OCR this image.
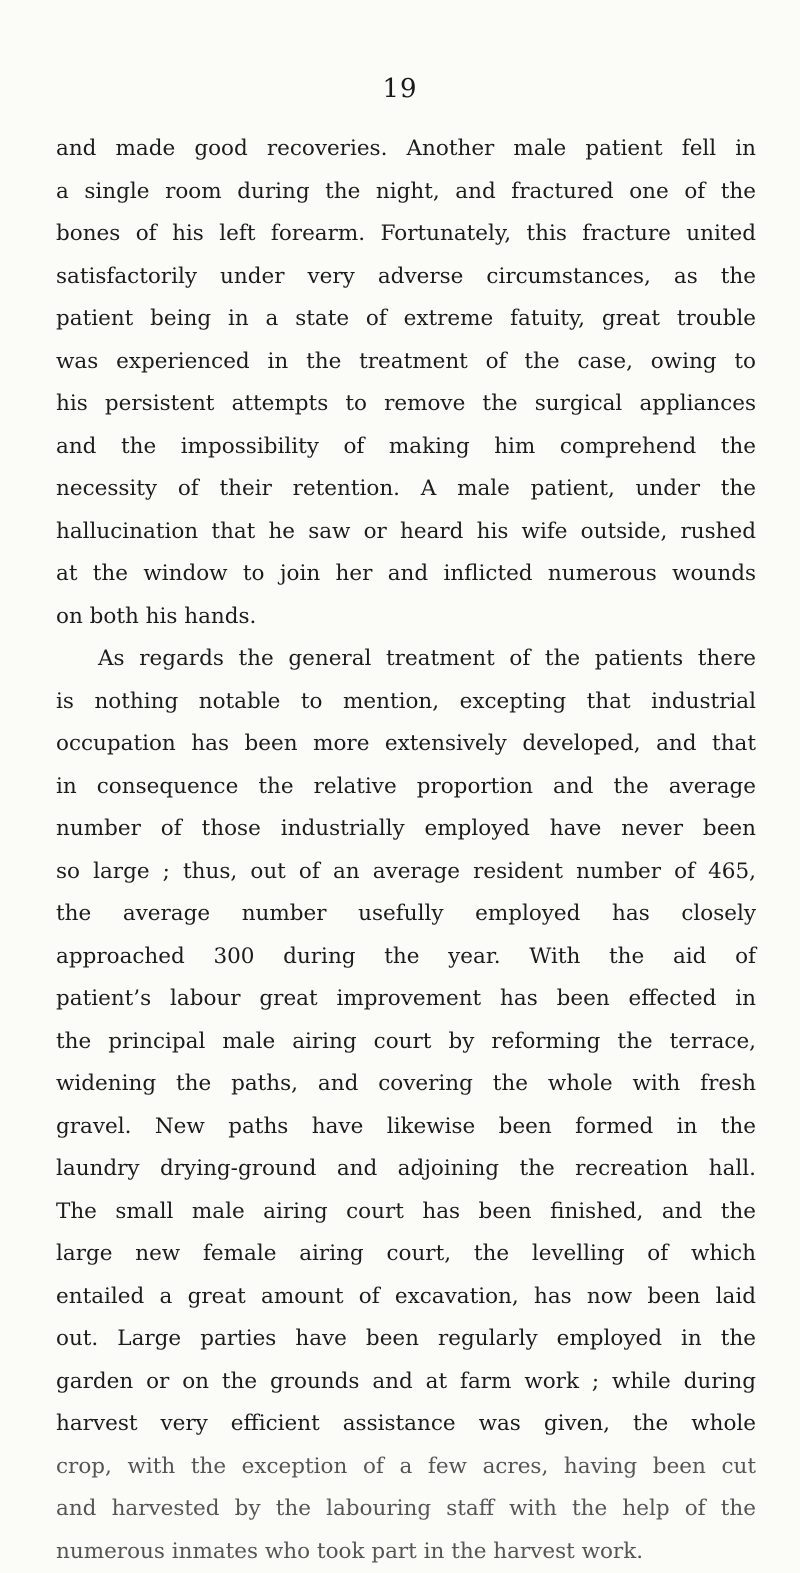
19
and made good recoveries. Another male patient fell in
a single room during the night, and fractured one of the
bones of his left forearm. Fortunately, this fracture united
satisfactorily under very adverse circumstances, as the
patient being in a state of extreme fatuity, great trouble
was experienced in the treatment of the case, owing to
his persistent attempts to remove the surgical appliances
and the impossibility of making him comprehend the
necessity of their retention. A male patient, under the
hallucination that he saw or heard his wife outside, rushed
at the window to join her and inflicted numerous wounds
on both his hands.
As regards the general treatment of the patients there
is nothing notable to mention, excepting that industrial
occupation has been more extensively developed, and that
in consequence the relative proportion and the average
number of those industrially employed have never been
so large ; thus, out of an average resident number of 465,
the average number usefully employed has closely
approached 300 during the year. With the aid of
patient’s labour great improvement has been effected in
the principal male airing court by reforming the terrace,
widening the paths, and covering the whole with fresh
gravel. New paths have likewise been formed in the
laundry drying-ground and adjoining the recreation hall.
The small male airing court has been finished, and the
large new female airing court, the levelling of which
entailed a great amount of excavation, has now been laid
out. Large parties have been regularly employed in the
garden or on the grounds and at farm work ; while during
harvest very efficient assistance was given, the whole
crop, with the exception of a few acres, having been cut
and harvested by the labouring staff with the help of the
numerous inmates who took part in the harvest work.
